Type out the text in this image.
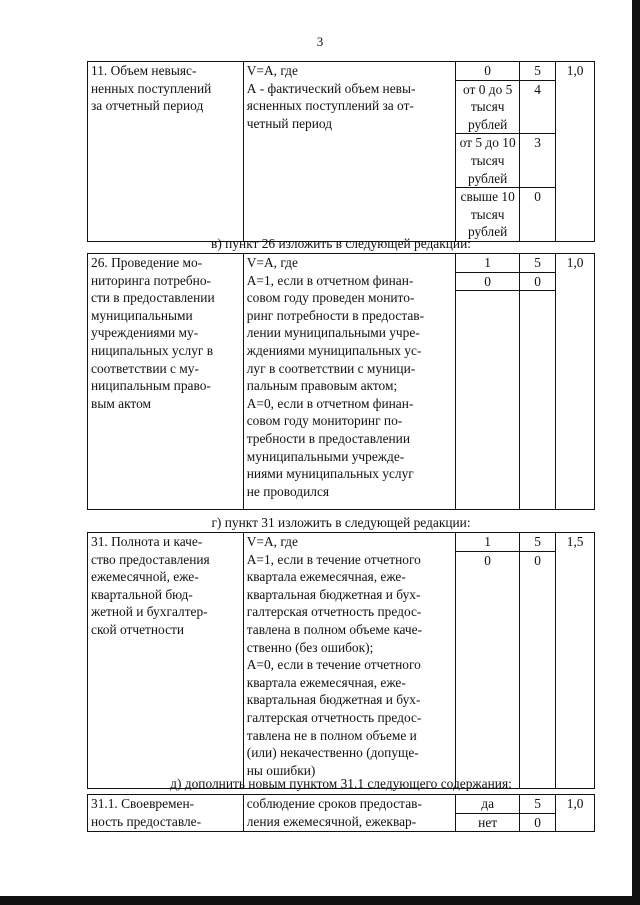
3
11. Объем невыяс-
ненных поступлений
за отчетный период

V=A, где
А - фактический объем невы-
ясненных поступлений за от-
четный период

0	5
от 0 до 5 тысяч рублей	4
от 5 до 10 тысяч рублей	3
свыше 10 тысяч рублей	0
	1,0
в) пункт 26 изложить в следующей редакции:
26. Проведение мо-
ниторинга потребно-
сти в предоставлении
муниципальными
учреждениями му-
ниципальных услуг в
соответствии с му-
ниципальным право-
вым актом

V=A, где
А=1, если в отчетном финан-
совом году проведен монито-
ринг потребности в предостав-
лении муниципальными учре-
ждениями муниципальных ус-
луг в соответствии с муници-
пальным правовым актом;
А=0, если в отчетном финан-
совом году мониторинг по-
требности в предоставлении
муниципальными учрежде-
ниями муниципальных услуг
не проводился

1	5
0	0

	1,0
г) пункт 31 изложить в следующей редакции:
31. Полнота и каче-
ство предоставления
ежемесячной, еже-
квартальной бюд-
жетной и бухгалтер-
ской отчетности

V=A, где
А=1, если в течение отчетного
квартала ежемесячная, еже-
квартальная бюджетная и бух-
галтерская отчетность предос-
тавлена в полном объеме каче-
ственно (без ошибок);
А=0, если в течение отчетного
квартала ежемесячная, еже-
квартальная бюджетная и бух-
галтерская отчетность предос-
тавлена не в полном объеме и
(или) некачественно (допуще-
ны ошибки)

1	5
0	0
	1,5
д) дополнить новым пунктом 31.1 следующего содержания:
31.1. Своевремен-
ность предоставле-

соблюдение сроков предостав-
ления ежемесячной, ежеквар-

да	5
нет	0
	1,0
